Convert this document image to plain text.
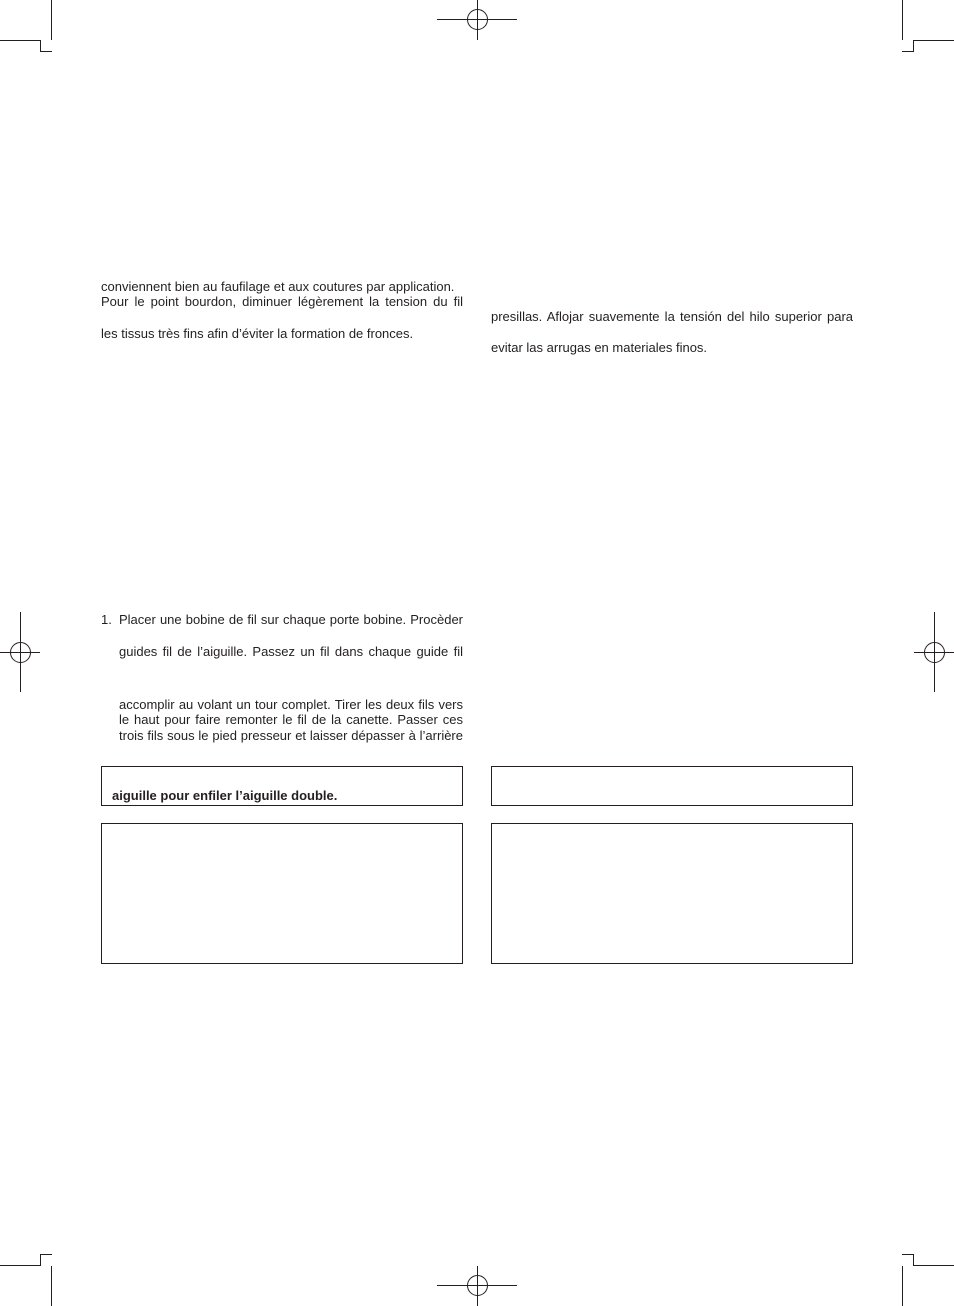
conviennent bien au faufilage et aux coutures par application.
Pour le point bourdon, diminuer légèrement la tension du fil
les tissus très fins afin d’éviter la formation de fronces.
presillas. Aflojar suavemente la tensión del hilo superior para
evitar las arrugas en materiales finos.
1. Placer une bobine de fil sur chaque porte bobine. Procèder
guides fil de l’aiguille. Passez un fil dans chaque guide fil
accomplir au volant un tour complet. Tirer les deux fils vers
le haut pour faire remonter le fil de la canette. Passer ces
trois fils sous le pied presseur et laisser dépasser à l’arrière
aiguille pour enfiler l’aiguille double.
